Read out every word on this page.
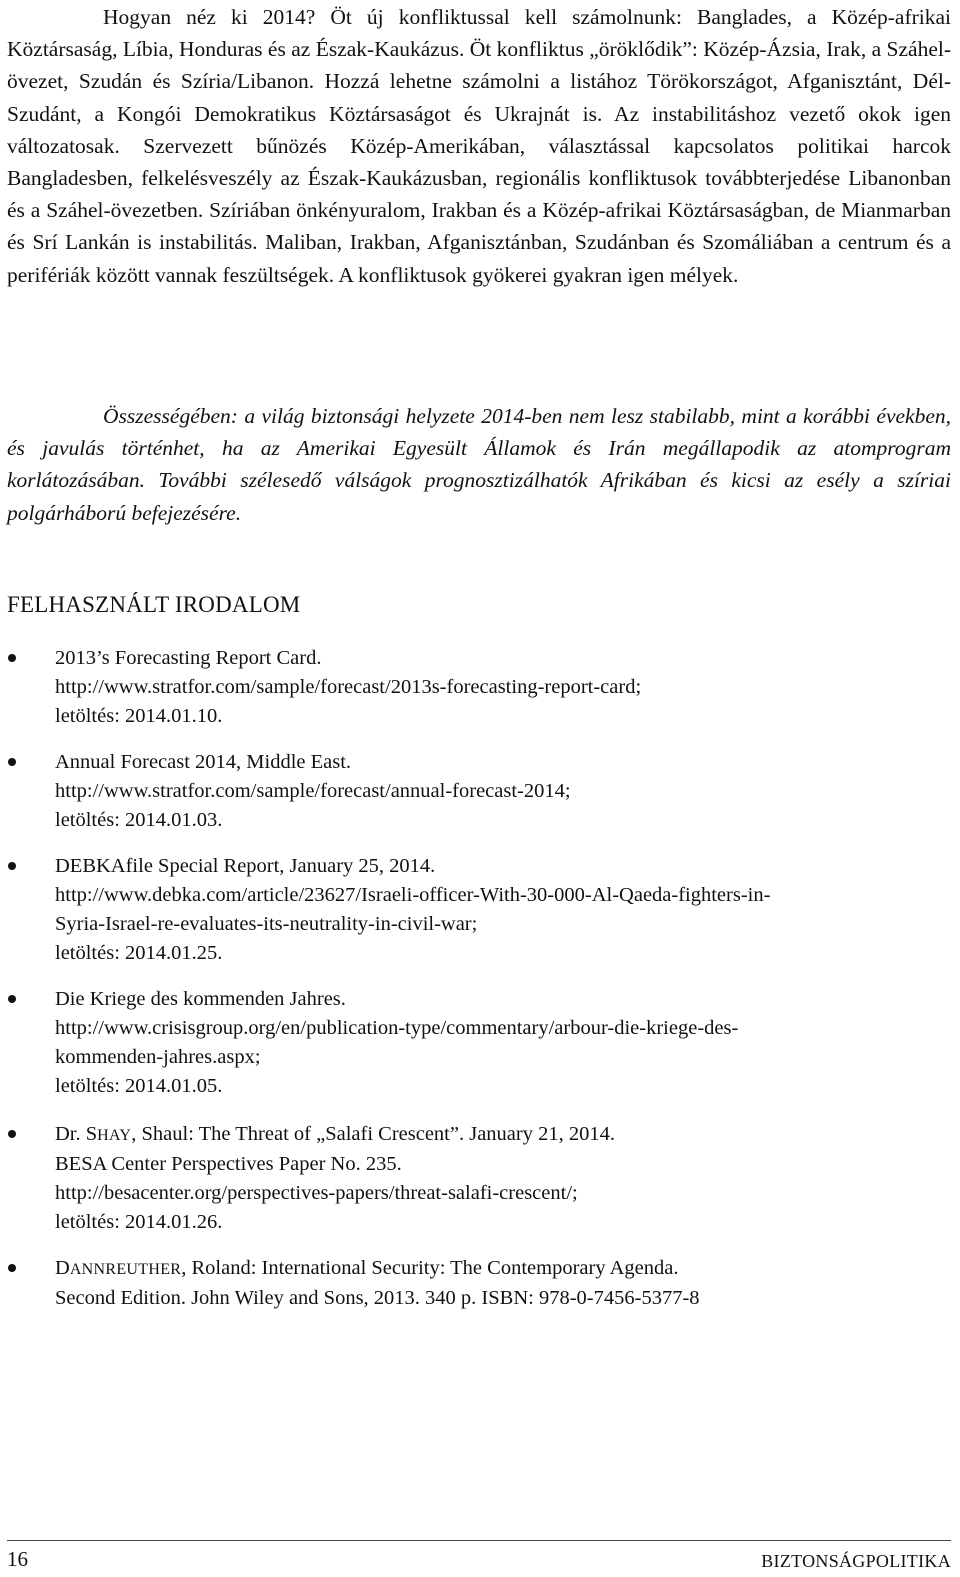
Hogyan néz ki 2014? Öt új konfliktussal kell számolnunk: Banglades, a Közép-afrikai Köztársaság, Líbia, Honduras és az Észak-Kaukázus. Öt konfliktus „öröklődik”: Közép-Ázsia, Irak, a Száhel-övezet, Szudán és Szíria/Libanon. Hozzá lehetne számolni a listához Törökországot, Afganisztánt, Dél-Szudánt, a Kongói Demokratikus Köztársaságot és Ukrajnát is. Az instabilitáshoz vezető okok igen változatosak. Szervezett bűnözés Közép-Amerikában, választással kapcsolatos politikai harcok Bangladesben, felkelésveszély az Észak-Kaukázusban, regionális konfliktusok továbbterjedése Libanonban és a Száhel-övezetben. Szíriában önkényuralom, Irakban és a Közép-afrikai Köztársaságban, de Mianmarban és Srí Lankán is instabilitás. Maliban, Irakban, Afganisztánban, Szudánban és Szomáliában a centrum és a perifériák között vannak feszültségek. A konfliktusok gyökerei gyakran igen mélyek.

Összességében: a világ biztonsági helyzete 2014-ben nem lesz stabilabb, mint a korábbi években, és javulás történhet, ha az Amerikai Egyesült Államok és Irán megállapodik az atomprogram korlátozásában. További szélesedő válságok prognosztizálhatók Afrikában és kicsi az esély a szíriai polgárháború befejezésére.

FELHASZNÁLT IRODALOM
2013’s Forecasting Report Card.
http://www.stratfor.com/sample/forecast/2013s-forecasting-report-card;
letöltés: 2014.01.10.
Annual Forecast 2014, Middle East.
http://www.stratfor.com/sample/forecast/annual-forecast-2014;
letöltés: 2014.01.03.
DEBKAfile Special Report, January 25, 2014.
http://www.debka.com/article/23627/Israeli-officer-With-30-000-Al-Qaeda-fighters-in-
Syria-Israel-re-evaluates-its-neutrality-in-civil-war;
letöltés: 2014.01.25.
Die Kriege des kommenden Jahres.
http://www.crisisgroup.org/en/publication-type/commentary/arbour-die-kriege-des-
kommenden-jahres.aspx;
letöltés: 2014.01.05.
Dr. SHAY, Shaul: The Threat of „Salafi Crescent”. January 21, 2014.
BESA Center Perspectives Paper No. 235.
http://besacenter.org/perspectives-papers/threat-salafi-crescent/;
letöltés: 2014.01.26.
DANNREUTHER, Roland: International Security: The Contemporary Agenda.
Second Edition. John Wiley and Sons, 2013. 340 p. ISBN: 978-0-7456-5377-8
16	BIZTONSÁGPOLITIKA
